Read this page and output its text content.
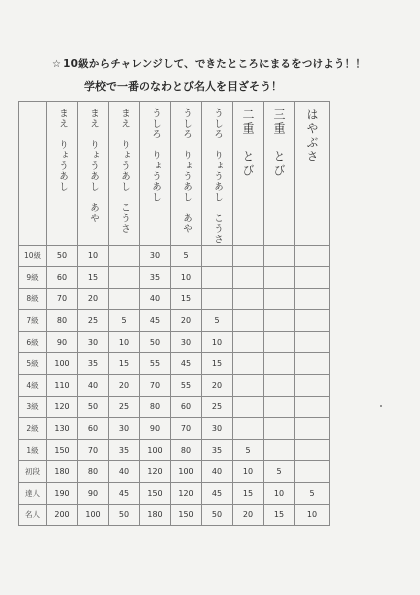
☆ 10級からチャレンジして、できたところにまるをつけよう！！
学校で一番のなわとび名人を目ざそう！

	まえ　りょうあし	まえ　りょうあし　あや	まえ　りょうあし　こうさ	うしろ　りょうあし	うしろ　りょうあし　あや	うしろ　りょうあし　こうさ	二重　とび	三重　とび	はやぶさ

10級	50	10		30	5				
9級	60	15		35	10				
8級	70	20		40	15				
7級	80	25	5	45	20	5			
6級	90	30	10	50	30	10			
5級	100	35	15	55	45	15			
4級	110	40	20	70	55	20			
3級	120	50	25	80	60	25			
2級	130	60	30	90	70	30			
1級	150	70	35	100	80	35	5		
初段	180	80	40	120	100	40	10	5	
達人	190	90	45	150	120	45	15	10	5
名人	200	100	50	180	150	50	20	15	10
